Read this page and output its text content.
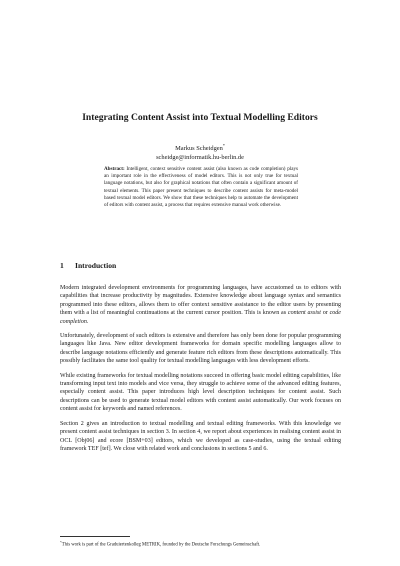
Integrating Content Assist into Textual Modelling Editors
Markus Scheidgen*
scheidge@informatik.hu-berlin.de
Abstract: Intelligent, context sensitive content assist (also known as code completion) plays an important role in the effectiveness of model editors. This is not only true for textual language notations, but also for graphical notations that often contain a significant amount of textual elements. This paper present techniques to describe content assists for meta-model based textual model editors. We show that these techniques help to automate the development of editors with content assist, a process that requires extensive manual work otherwise.
1 Introduction

Modern integrated development environments for programming languages, have accustomed us to editors with capabilities that increase productivity by magnitudes. Extensive knowledge about language syntax and semantics programmed into these editors, allows them to offer context sensitive assistance to the editor users by presenting them with a list of meaningful continuations at the current cursor position. This is known as content assist or code completion.

Unfortunately, development of such editors is extensive and therefore has only been done for popular programming languages like Java. New editor development frameworks for domain specific modelling languages allow to describe language notations efficiently and generate feature rich editors from these descriptions automatically. This possibly facilitates the same tool quality for textual modelling languages with less development efforts.

While existing frameworks for textual modelling notations succeed in offering basic model editing capabilities, like transforming input text into models and vice versa, they struggle to achieve some of the advanced editing features, especially content assist. This paper introduces high level description techniques for content assist. Such descriptions can be used to generate textual model editors with content assist automatically. Our work focuses on content assist for keywords and named references.

Section 2 gives an introduction to textual modelling and textual editing frameworks. With this knowledge we present content assist techniques in section 3. In section 4, we report about experiences in realising content assist in OCL [Obj06] and ecore [BSM+03] editors, which we developed as case-studies, using the textual editing framework TEF [tef]. We close with related work and conclusions in sections 5 and 6.

*This work is part of the Graduiertenkolleg METRIK, founded by the Deutsche Forschungs Gemeinschaft.
